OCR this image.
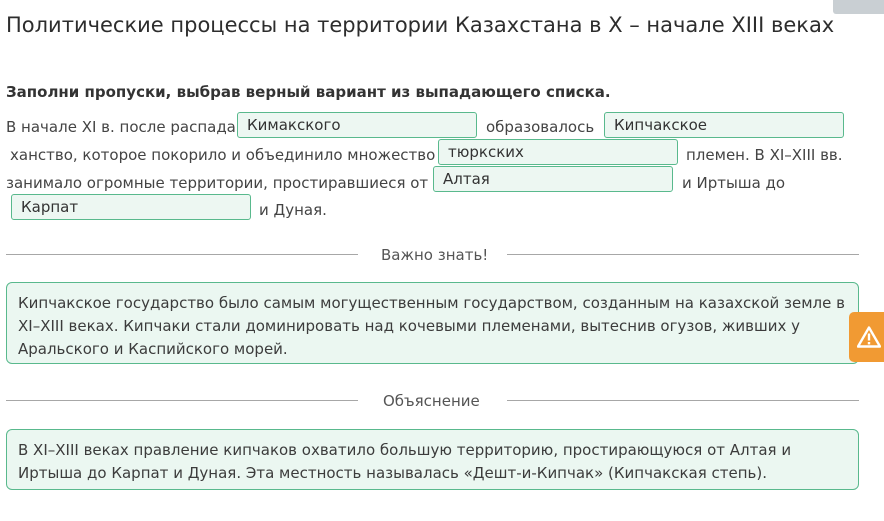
Политические процессы на территории Казахстана в X – начале XIII веках
Заполни пропуски, выбрав верный вариант из выпадающего списка.
В начале XI в. после распада Кимакского	образовалось	Кипчакское
ханство, которое покорило и объединило множество тюркских	племен. В XI–XIII вв.
занимало огромные территории, простиравшиеся от Алтая	и Иртыша до
Карпат	и Дуная.
Важно знать!
Кипчакское государство было самым могущественным государством, созданным на казахской земле в XI–XIII веках. Кипчаки стали доминировать над кочевыми племенами, вытеснив огузов, живших у Аральского и Каспийского морей.
Объяснение
В XI–XIII веках правление кипчаков охватило большую территорию, простирающуюся от Алтая и Иртыша до Карпат и Дуная. Эта местность называлась «Дешт-и-Кипчак» (Кипчакская степь).
